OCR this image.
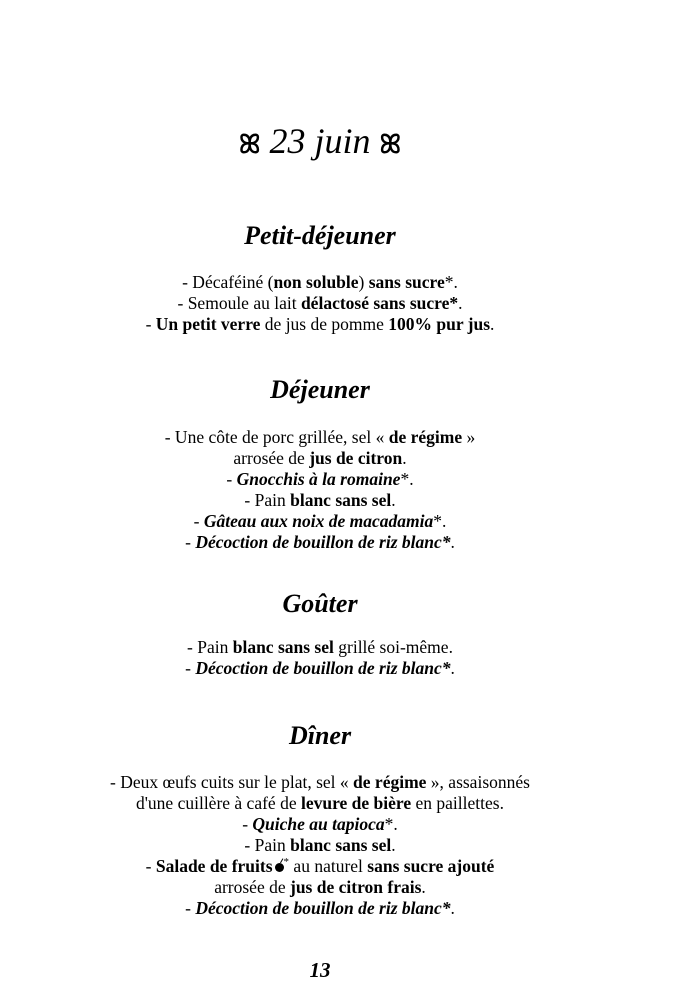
ꕤ 23 juin ꕤ
Petit-déjeuner
- Décaféiné (non soluble) sans sucre*.
- Semoule au lait délactosé sans sucre*.
- Un petit verre de jus de pomme 100% pur jus.
Déjeuner
- Une côte de porc grillée, sel « de régime »
arrosée de jus de citron.
- Gnocchis à la romaine*.
- Pain blanc sans sel.
- Gâteau aux noix de macadamia*.
- Décoction de bouillon de riz blanc*.
Goûter
- Pain blanc sans sel grillé soi-même.
- Décoction de bouillon de riz blanc*.
Dîner
- Deux œufs cuits sur le plat, sel « de régime », assaisonnés
d'une cuillère à café de levure de bière en paillettes.
- Quiche au tapioca*.
- Pain blanc sans sel.
- Salade de fruits * au naturel sans sucre ajouté
arrosée de jus de citron frais.
- Décoction de bouillon de riz blanc*.
13
